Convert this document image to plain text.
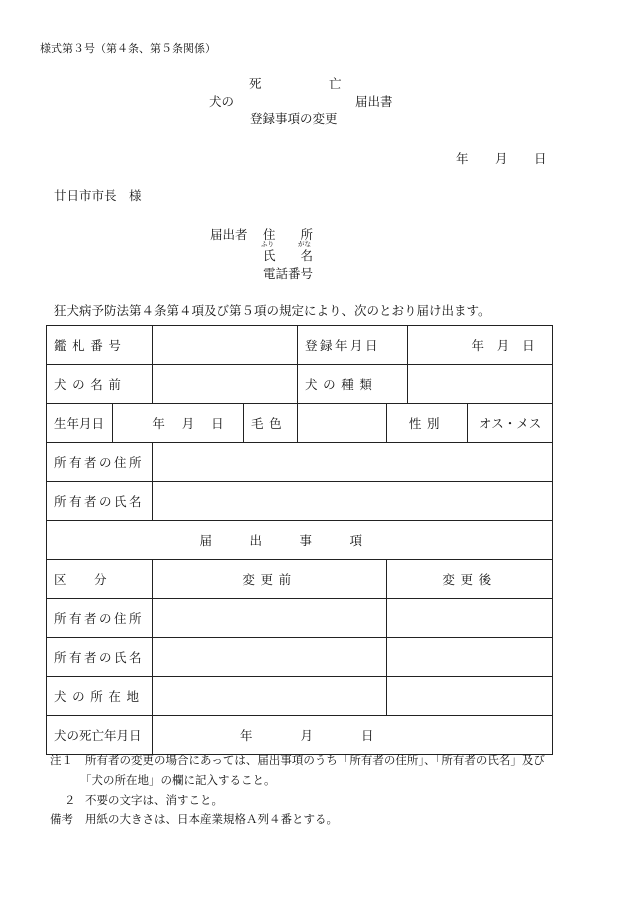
様式第３号（第４条、第５条関係）
死	亡
犬の	届出書
登録事項の変更
年 月 日
廿日市市長　様
届出者 住　　所
ふり	がな
氏　　名
電話番号
狂犬病予防法第４条第４項及び第５項の規定により、次のとおり届け出ます。
鑑札番号				登録年月日		年 月 日	

犬の名前				犬の種類			
生年月日	年 月 日		毛色		性別		オス・メス
所有者の住所							
所有者の氏名							
届出事項							
区分		変更前			変更後		
所有者の住所							
所有者の氏名							
犬の所在地							
犬の死亡年月日		年 月 日					
注１ 所有者の変更の場合にあっては、届出事項のうち「所有者の住所」、「所有者の氏名」及び
「犬の所在地」の欄に記入すること。
２ 不要の文字は、消すこと。
備考 用紙の大きさは、日本産業規格Ａ列４番とする。
